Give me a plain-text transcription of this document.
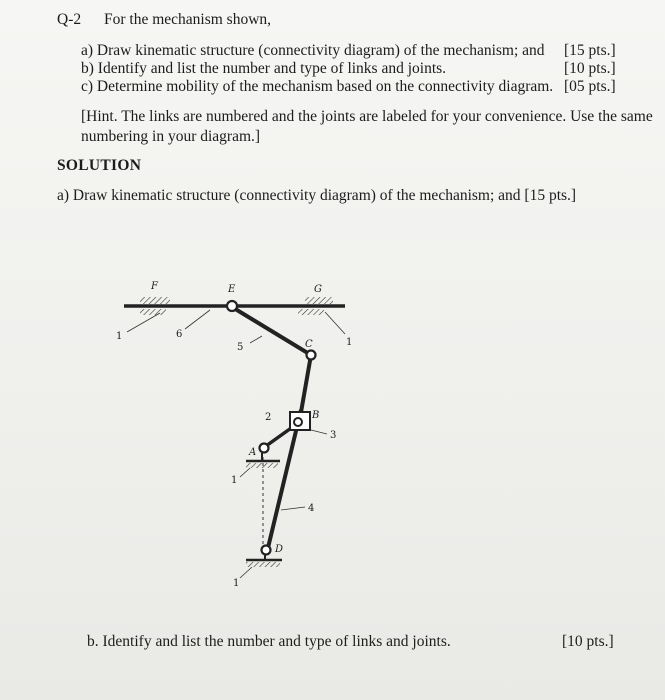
Q-2 For the mechanism shown,
a) Draw kinematic structure (connectivity diagram) of the mechanism; and [15 pts.]
b) Identify and list the number and type of links and joints.	[10 pts.]
c) Determine mobility of the mechanism based on the connectivity diagram. [05 pts.]
[Hint. The links are numbered and the joints are labeled for your convenience. Use the same numbering in your diagram.]
SOLUTION
a) Draw kinematic structure (connectivity diagram) of the mechanism; and [15 pts.]
F	E	G
C
B
A
D
1	6
1
5
2
3
4
1
1
b. Identify and list the number and type of links and joints.	[10 pts.]
